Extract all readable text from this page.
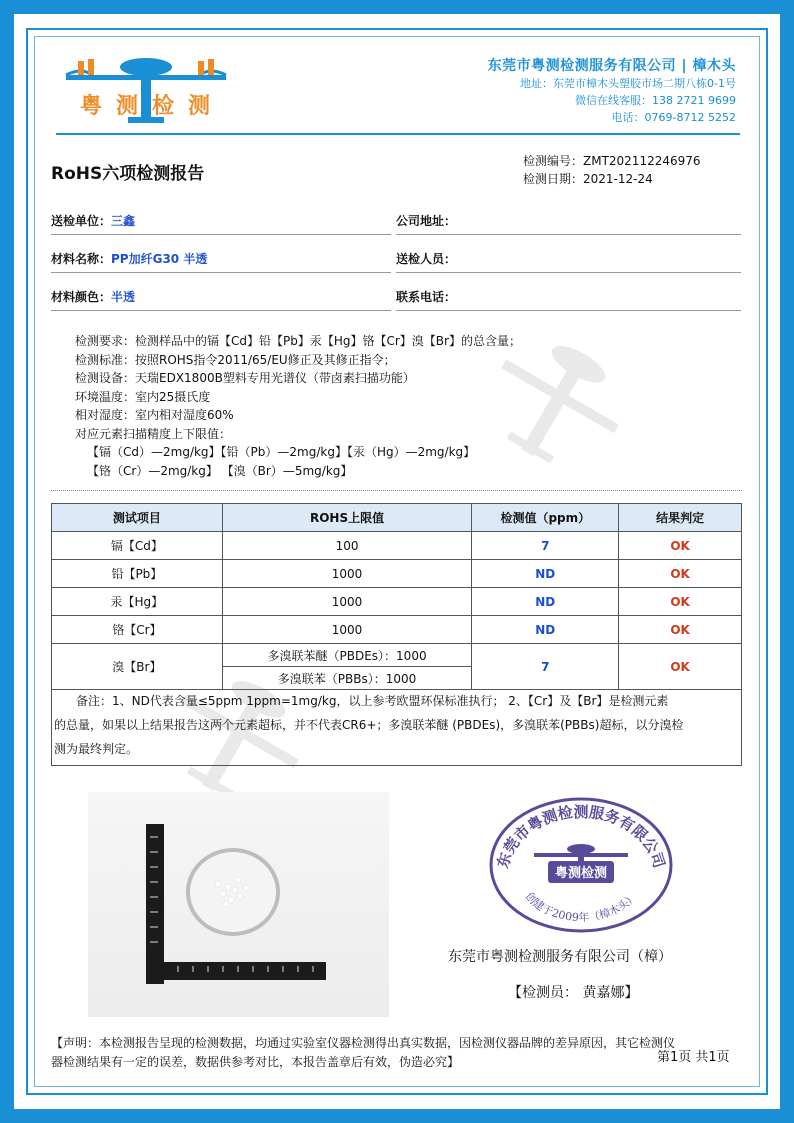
粤测检测
东莞市粤测检测服务有限公司 | 樟木头
地址：东莞市樟木头塑胶市场二期八栋0-1号
微信在线客服：138 2721 9699
电话：0769-8712 5252
RoHS六项检测报告
检测编号：ZMT202112246976
检测日期：2021-12-24
送检单位：三鑫	公司地址：
材料名称：PP加纤G30 半透	送检人员：
材料颜色：半透	联系电话：
检测要求：检测样品中的镉【Cd】铅【Pb】汞【Hg】铬【Cr】溴【Br】的总含量；
检测标准：按照ROHS指令2011/65/EU修正及其修正指令；
检测设备：天瑞EDX1800B塑料专用光谱仪（带卤素扫描功能）
环境温度：室内25摄氏度
相对湿度：室内相对湿度60%
对应元素扫描精度上下限值：
【镉（Cd）—2mg/kg】【铅（Pb）—2mg/kg】【汞（Hg）—2mg/kg】
【铬（Cr）—2mg/kg】 【溴（Br）—5mg/kg】
测试项目	ROHS上限值	检测值（ppm）	结果判定
镉【Cd】	100	7	OK
铅【Pb】	1000	ND	OK
汞【Hg】	1000	ND	OK
铬【Cr】	1000	ND	OK
溴【Br】	多溴联苯醚（PBDEs）：1000	7	OK
	多溴联苯（PBBs）：1000		
备注：1、ND代表含量≤5ppm 1ppm=1mg/kg，以上参考欧盟环保标准执行； 2、【Cr】及【Br】是检测元素
的总量，如果以上结果报告这两个元素超标，并不代表CR6+；多溴联苯醚 (PBDEs)，多溴联苯(PBBs)超标，以分溴检
测为最终判定。
东莞市粤测检测服务有限公司
创建于2009年（樟木头）
粤测检测
东莞市粤测检测服务有限公司（樟）
【检测员： 黄嘉娜】
【声明：本检测报告呈现的检测数据，均通过实验室仪器检测得出真实数据，因检测仪器品牌的差异原因，其它检测仪
器检测结果有一定的误差，数据供参考对比，本报告盖章后有效，伪造必究】	第1页 共1页
